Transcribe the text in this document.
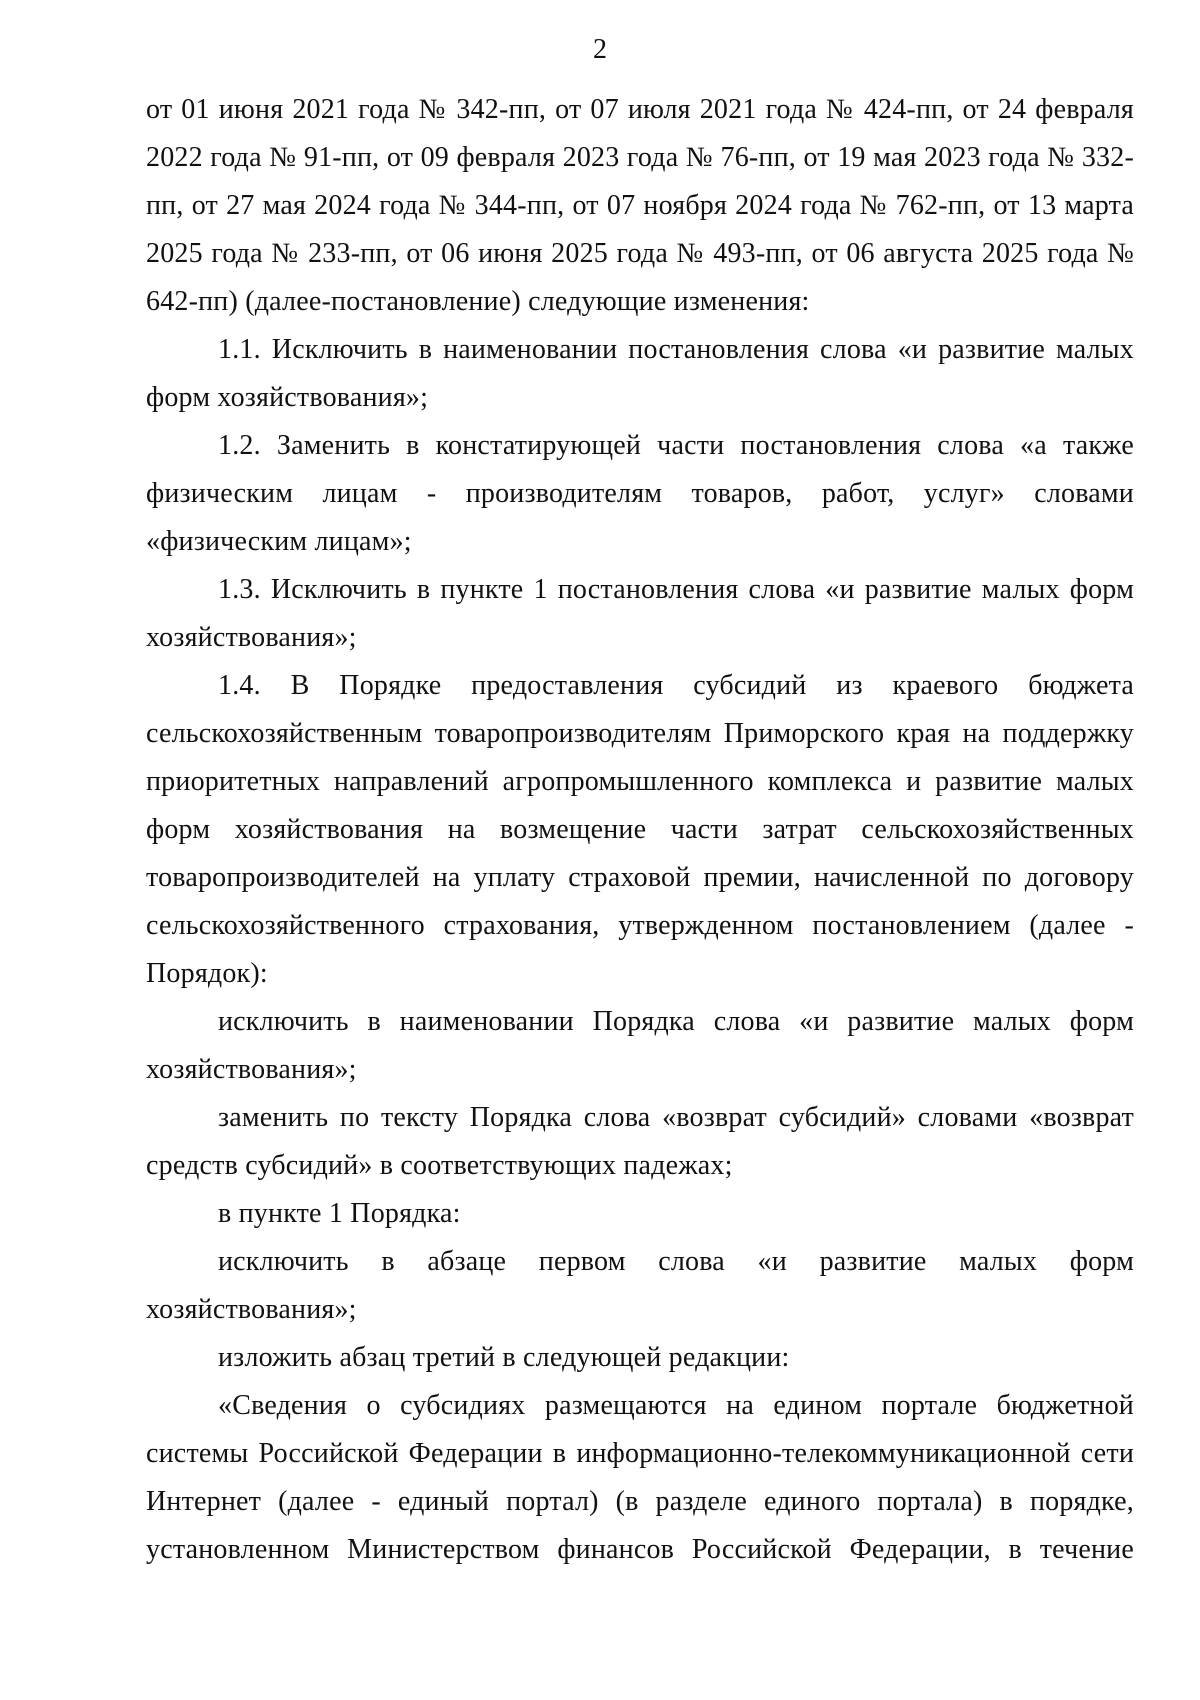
2

от 01 июня 2021 года № 342-пп, от 07 июля 2021 года № 424-пп, от 24 февраля 2022 года № 91-пп, от 09 февраля 2023 года № 76-пп, от 19 мая 2023 года № 332-пп, от 27 мая 2024 года № 344-пп, от 07 ноября 2024 года № 762-пп, от 13 марта 2025 года № 233-пп, от 06 июня 2025 года № 493-пп, от 06 августа 2025 года № 642-пп) (далее-постановление) следующие изменения:

1.1. Исключить в наименовании постановления слова «и развитие малых форм хозяйствования»;

1.2. Заменить в констатирующей части постановления слова «а также физическим лицам - производителям товаров, работ, услуг» словами «физическим лицам»;

1.3. Исключить в пункте 1 постановления слова «и развитие малых форм хозяйствования»;

1.4. В Порядке предоставления субсидий из краевого бюджета сельскохозяйственным товаропроизводителям Приморского края на поддержку приоритетных направлений агропромышленного комплекса и развитие малых форм хозяйствования на возмещение части затрат сельскохозяйственных товаропроизводителей на уплату страховой премии, начисленной по договору сельскохозяйственного страхования, утвержденном постановлением (далее - Порядок):

исключить в наименовании Порядка слова «и развитие малых форм хозяйствования»;

заменить по тексту Порядка слова «возврат субсидий» словами «возврат средств субсидий» в соответствующих падежах;

в пункте 1 Порядка:

исключить в абзаце первом слова «и развитие малых форм хозяйствования»;

изложить абзац третий в следующей редакции:

«Сведения о субсидиях размещаются на едином портале бюджетной системы Российской Федерации в информационно-телекоммуникационной сети Интернет (далее - единый портал) (в разделе единого портала) в порядке, установленном Министерством финансов Российской Федерации, в течение
